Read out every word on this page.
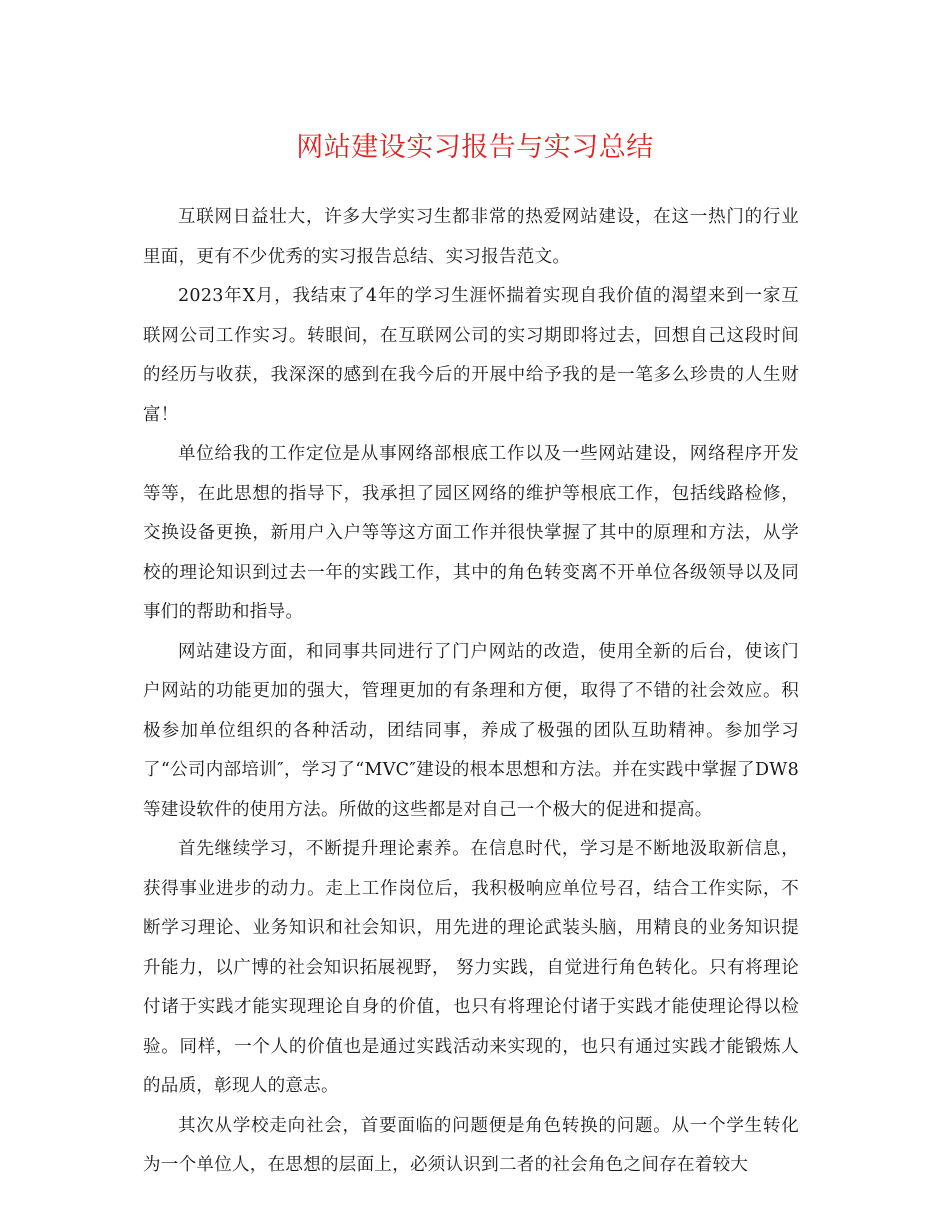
网站建设实习报告与实习总结

互联网日益壮大，许多大学实习生都非常的热爱网站建设，在这一热门的行业里面，更有不少优秀的实习报告总结、实习报告范文。

2023年X月，我结束了4年的学习生涯怀揣着实现自我价值的渴望来到一家互联网公司工作实习。转眼间，在互联网公司的实习期即将过去，回想自己这段时间的经历与收获，我深深的感到在我今后的开展中给予我的是一笔多么珍贵的人生财富！

单位给我的工作定位是从事网络部根底工作以及一些网站建设，网络程序开发等等，在此思想的指导下，我承担了园区网络的维护等根底工作，包括线路检修，交换设备更换，新用户入户等等这方面工作并很快掌握了其中的原理和方法，从学校的理论知识到过去一年的实践工作，其中的角色转变离不开单位各级领导以及同事们的帮助和指导。

网站建设方面，和同事共同进行了门户网站的改造，使用全新的后台，使该门户网站的功能更加的强大，管理更加的有条理和方便，取得了不错的社会效应。积极参加单位组织的各种活动，团结同事，养成了极强的团队互助精神。参加学习了“公司内部培训″，学习了“MVC″建设的根本思想和方法。并在实践中掌握了DW8等建设软件的使用方法。所做的这些都是对自己一个极大的促进和提高。

首先继续学习，不断提升理论素养。在信息时代，学习是不断地汲取新信息，获得事业进步的动力。走上工作岗位后，我积极响应单位号召，结合工作实际，不断学习理论、业务知识和社会知识，用先进的理论武装头脑，用精良的业务知识提升能力，以广博的社会知识拓展视野， 努力实践，自觉进行角色转化。只有将理论付诸于实践才能实现理论自身的价值，也只有将理论付诸于实践才能使理论得以检验。同样，一个人的价值也是通过实践活动来实现的，也只有通过实践才能锻炼人的品质，彰现人的意志。

其次从学校走向社会，首要面临的问题便是角色转换的问题。从一个学生转化为一个单位人，在思想的层面上，必须认识到二者的社会角色之间存在着较大
